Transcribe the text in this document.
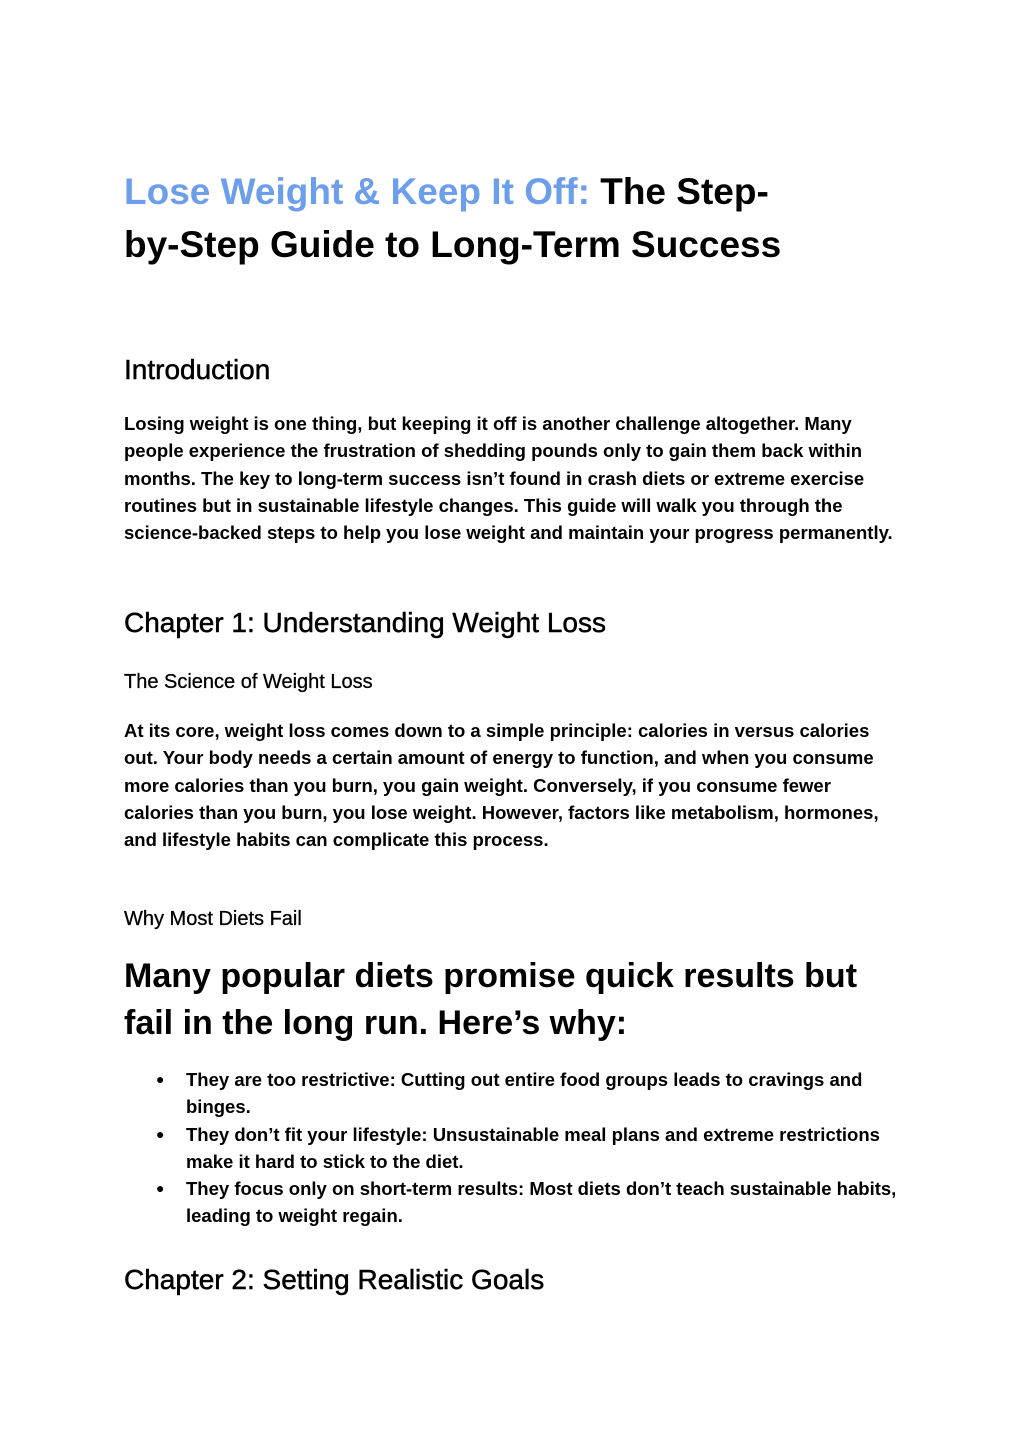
Lose Weight & Keep It Off: The Step-by-Step Guide to Long-Term Success
Introduction

Losing weight is one thing, but keeping it off is another challenge altogether. Many people experience the frustration of shedding pounds only to gain them back within months. The key to long-term success isn’t found in crash diets or extreme exercise routines but in sustainable lifestyle changes. This guide will walk you through the science-backed steps to help you lose weight and maintain your progress permanently.

Chapter 1: Understanding Weight Loss
The Science of Weight Loss

At its core, weight loss comes down to a simple principle: calories in versus calories out. Your body needs a certain amount of energy to function, and when you consume more calories than you burn, you gain weight. Conversely, if you consume fewer calories than you burn, you lose weight. However, factors like metabolism, hormones, and lifestyle habits can complicate this process.

Why Most Diets Fail

Many popular diets promise quick results but fail in the long run. Here’s why:

● They are too restrictive: Cutting out entire food groups leads to cravings and binges.
● They don’t fit your lifestyle: Unsustainable meal plans and extreme restrictions make it hard to stick to the diet.
● They focus only on short-term results: Most diets don’t teach sustainable habits, leading to weight regain.
Chapter 2: Setting Realistic Goals
